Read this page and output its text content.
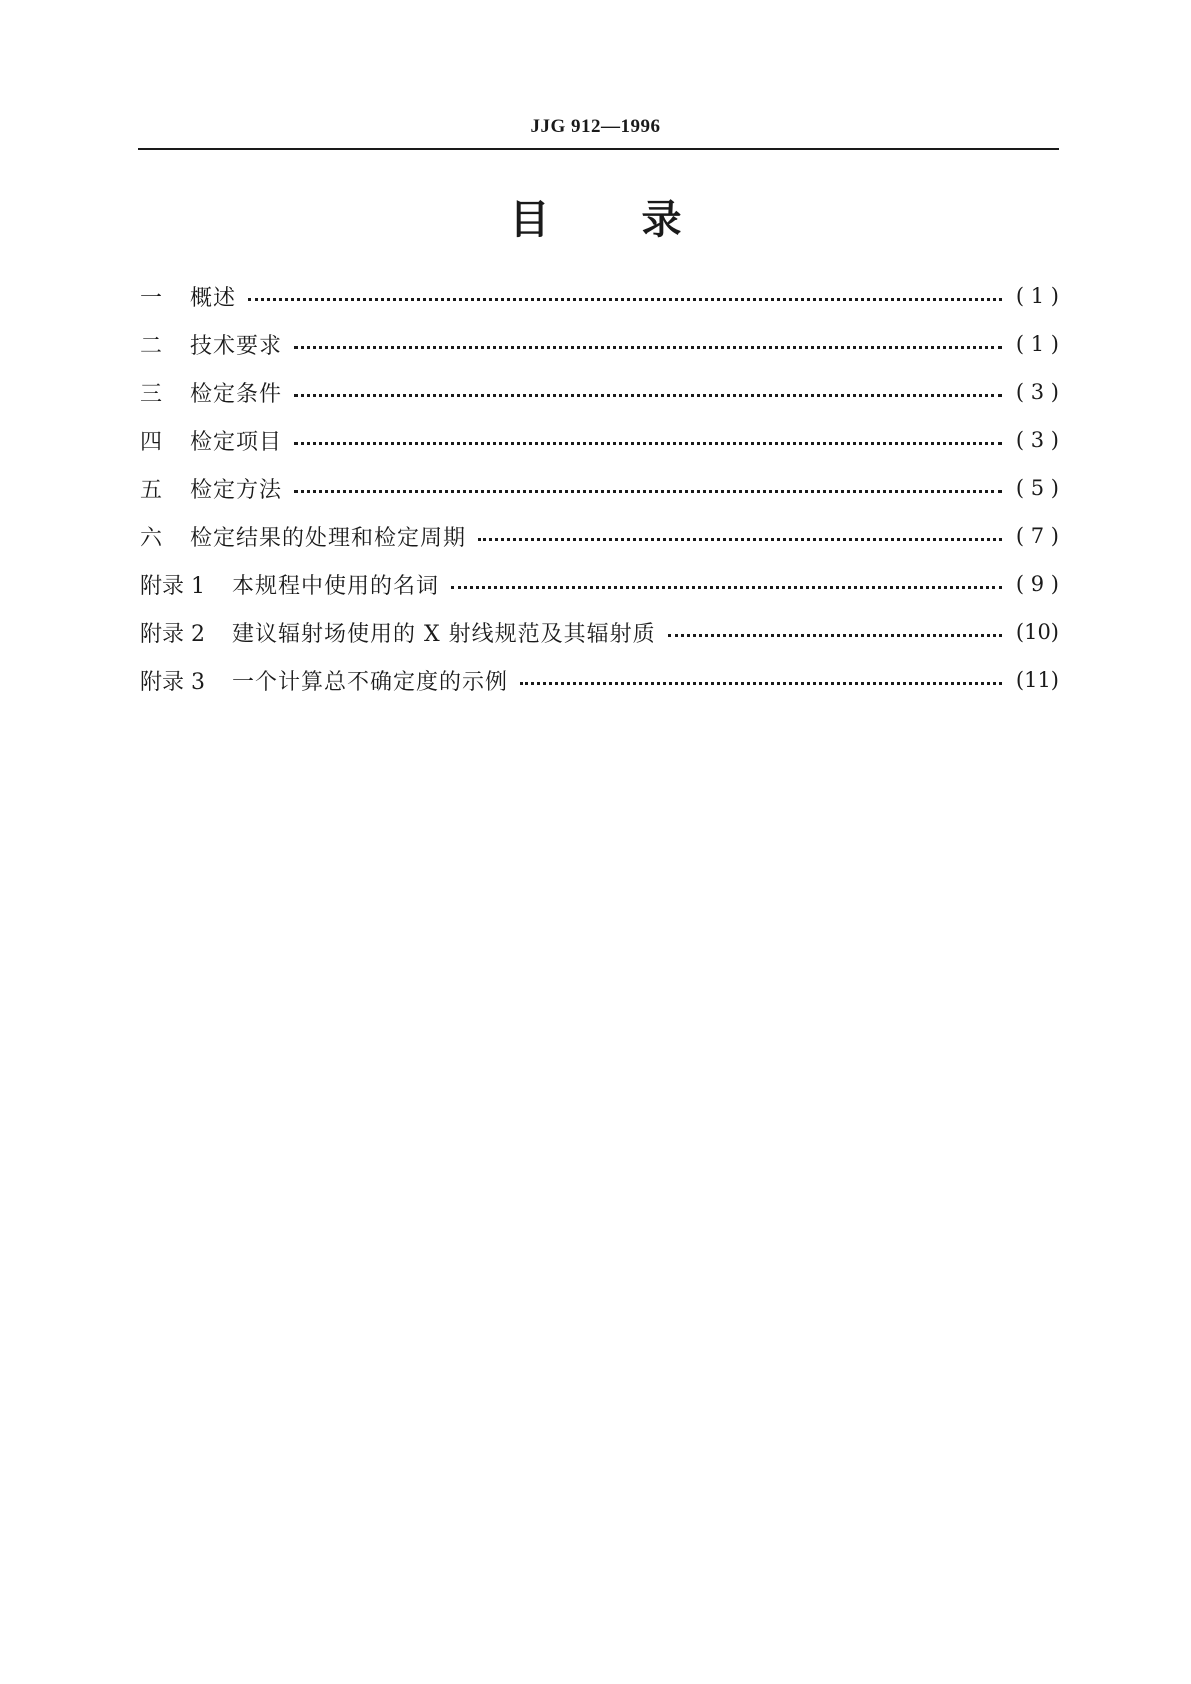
JJG 912—1996
目 录
一	概述	( 1 )
二	技术要求	( 1 )
三	检定条件	( 3 )
四	检定项目	( 3 )
五	检定方法	( 5 )
六	检定结果的处理和检定周期	( 7 )
附录 1	本规程中使用的名词	( 9 )
附录 2	建议辐射场使用的 X 射线规范及其辐射质	(10)
附录 3	一个计算总不确定度的示例	(11)
